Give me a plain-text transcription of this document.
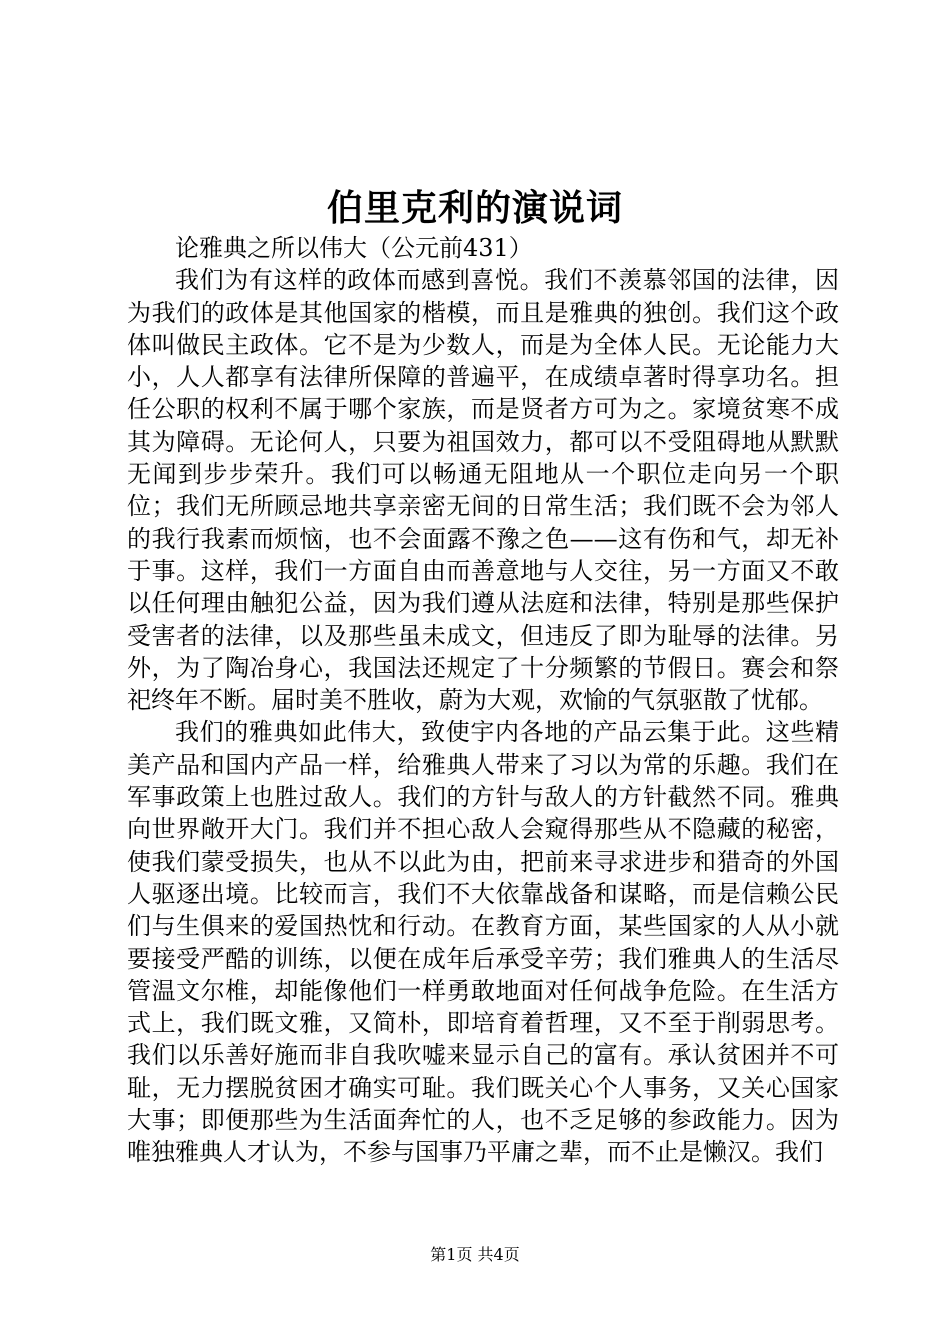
伯里克利的演说词

论雅典之所以伟大（公元前431）

我们为有这样的政体而感到喜悦。我们不羡慕邻国的法律，因为我们的政体是其他国家的楷模，而且是雅典的独创。我们这个政体叫做民主政体。它不是为少数人，而是为全体人民。无论能力大小，人人都享有法律所保障的普遍平，在成绩卓著时得享功名。担任公职的权利不属于哪个家族，而是贤者方可为之。家境贫寒不成其为障碍。无论何人，只要为祖国效力，都可以不受阻碍地从默默无闻到步步荣升。我们可以畅通无阻地从一个职位走向另一个职位；我们无所顾忌地共享亲密无间的日常生活；我们既不会为邻人的我行我素而烦恼，也不会面露不豫之色——这有伤和气，却无补于事。这样，我们一方面自由而善意地与人交往，另一方面又不敢以任何理由触犯公益，因为我们遵从法庭和法律，特别是那些保护受害者的法律，以及那些虽未成文，但违反了即为耻辱的法律。另外，为了陶冶身心，我国法还规定了十分频繁的节假日。赛会和祭祀终年不断。届时美不胜收，蔚为大观，欢愉的气氛驱散了忧郁。

我们的雅典如此伟大，致使宇内各地的产品云集于此。这些精美产品和国内产品一样，给雅典人带来了习以为常的乐趣。我们在军事政策上也胜过敌人。我们的方针与敌人的方针截然不同。雅典向世界敞开大门。我们并不担心敌人会窥得那些从不隐藏的秘密，使我们蒙受损失，也从不以此为由，把前来寻求进步和猎奇的外国人驱逐出境。比较而言，我们不大依靠战备和谋略，而是信赖公民们与生俱来的爱国热忱和行动。在教育方面，某些国家的人从小就要接受严酷的训练，以便在成年后承受辛劳；我们雅典人的生活尽管温文尔椎，却能像他们一样勇敢地面对任何战争危险。在生活方式上，我们既文雅，又简朴，即培育着哲理，又不至于削弱思考。我们以乐善好施而非自我吹嘘来显示自己的富有。承认贫困并不可耻，无力摆脱贫困才确实可耻。我们既关心个人事务，又关心国家大事；即便那些为生活面奔忙的人，也不乏足够的参政能力。因为唯独雅典人才认为，不参与国事乃平庸之辈，而不止是懒汉。我们

第1页 共4页
